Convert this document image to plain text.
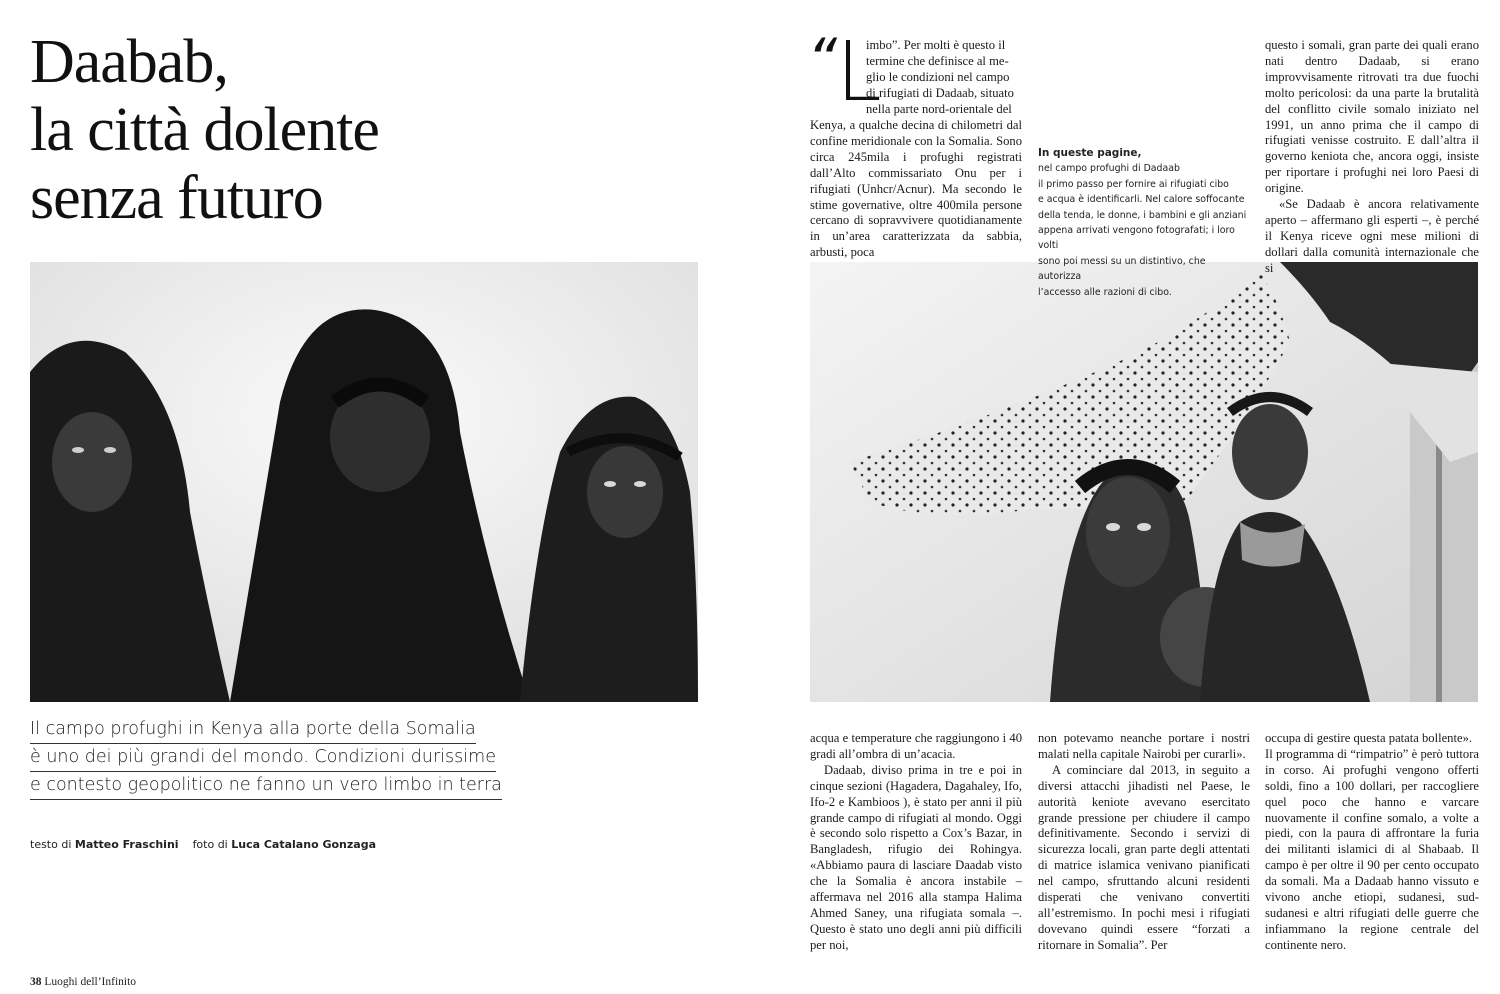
Daabab,
la città dolente
senza futuro
Il campo profughi in Kenya alla porte della Somalia
è uno dei più grandi del mondo. Condizioni durissime
e contesto geopolitico ne fanno un vero limbo in terra
testo di Matteo Fraschini foto di Luca Catalano Gonzaga
“
L
imbo”. Per molti è questo il
termine che definisce al me-
glio le condizioni nel campo
di rifugiati di Dadaab, situato
nella parte nord-orientale del

Kenya, a qualche decina di chilometri dal confine meridionale con la Somalia. Sono circa 245mila i profughi registrati dall’Alto commissariato Onu per i rifugiati (Unhcr/Acnur). Ma secondo le stime governative, oltre 400mila persone cercano di sopravvivere quotidianamente in un’area caratterizzata da sabbia, arbusti, poca

In queste pagine,
nel campo profughi di Dadaab
il primo passo per fornire ai rifugiati cibo
e acqua è identificarli. Nel calore soffocante
della tenda, le donne, i bambini e gli anziani
appena arrivati vengono fotografati; i loro volti
sono poi messi su un distintivo, che autorizza
l’accesso alle razioni di cibo.

questo i somali, gran parte dei quali erano nati dentro Dadaab, si erano improvvisamente ritrovati tra due fuochi molto pericolosi: da una parte la brutalità del conflitto civile somalo iniziato nel 1991, un anno prima che il campo di rifugiati venisse costruito. E dall’altra il governo keniota che, ancora oggi, insiste per riportare i profughi nei loro Paesi di origine.

«Se Dadaab è ancora relativamente aperto – affermano gli esperti –, è perché il Kenya riceve ogni mese milioni di dollari dalla comunità internazionale che si

acqua e temperature che raggiungono i 40 gradi all’ombra di un’acacia.

Dadaab, diviso prima in tre e poi in cinque sezioni (Hagadera, Dagahaley, Ifo, Ifo-2 e Kambioos ), è stato per anni il più grande campo di rifugiati al mondo. Oggi è secondo solo rispetto a Cox’s Bazar, in Bangladesh, rifugio dei Rohingya. «Abbiamo paura di lasciare Daadab visto che la Somalia è ancora instabile – affermava nel 2016 alla stampa Halima Ahmed Saney, una rifugiata somala –. Questo è stato uno degli anni più difficili per noi,

non potevamo neanche portare i nostri malati nella capitale Nairobi per curarli».

A cominciare dal 2013, in seguito a diversi attacchi jihadisti nel Paese, le autorità keniote avevano esercitato grande pressione per chiudere il campo definitivamente. Secondo i servizi di sicurezza locali, gran parte degli attentati di matrice islamica venivano pianificati nel campo, sfruttando alcuni residenti disperati che venivano convertiti all’estremismo. In pochi mesi i rifugiati dovevano quindi essere “forzati a ritornare in Somalia”. Per

occupa di gestire questa patata bollente».

Il programma di “rimpatrio” è però tuttora in corso. Ai profughi vengono offerti soldi, fino a 100 dollari, per raccogliere quel poco che hanno e varcare nuovamente il confine somalo, a volte a piedi, con la paura di affrontare la furia dei militanti islamici di al Shabaab. Il campo è per oltre il 90 per cento occupato da somali. Ma a Dadaab hanno vissuto e vivono anche etiopi, sudanesi, sud-sudanesi e altri rifugiati delle guerre che infiammano la regione centrale del continente nero.

38 Luoghi dell’Infinito
